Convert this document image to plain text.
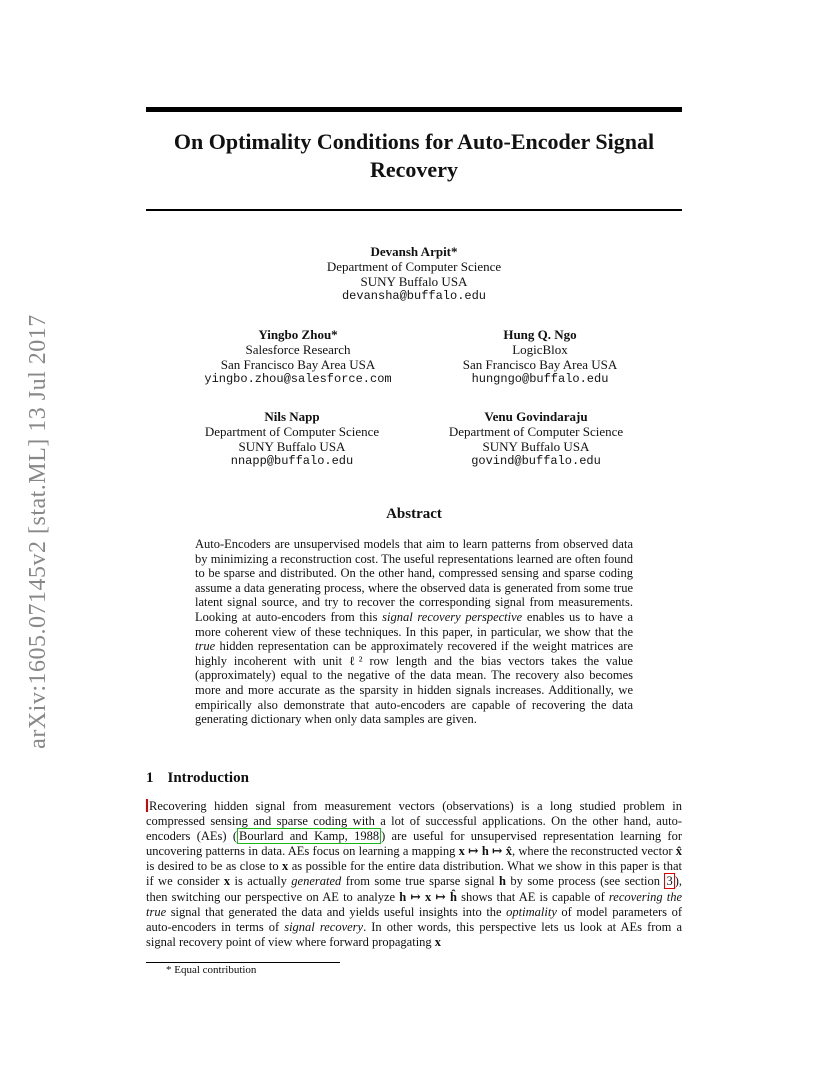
arXiv:1605.07145v2 [stat.ML] 13 Jul 2017
On Optimality Conditions for Auto-Encoder Signal Recovery
Devansh Arpit*
Department of Computer Science
SUNY Buffalo USA
devansha@buffalo.edu
Yingbo Zhou*
Salesforce Research
San Francisco Bay Area USA
yingbo.zhou@salesforce.com
Hung Q. Ngo
LogicBlox
San Francisco Bay Area USA
hungngo@buffalo.edu
Nils Napp
Department of Computer Science
SUNY Buffalo USA
nnapp@buffalo.edu
Venu Govindaraju
Department of Computer Science
SUNY Buffalo USA
govind@buffalo.edu
Abstract
Auto-Encoders are unsupervised models that aim to learn patterns from observed data by minimizing a reconstruction cost. The useful representations learned are often found to be sparse and distributed. On the other hand, compressed sensing and sparse coding assume a data generating process, where the observed data is generated from some true latent signal source, and try to recover the corresponding signal from measurements. Looking at auto-encoders from this signal recovery perspective enables us to have a more coherent view of these techniques. In this paper, in particular, we show that the true hidden representation can be approximately recovered if the weight matrices are highly incoherent with unit ℓ² row length and the bias vectors takes the value (approximately) equal to the negative of the data mean. The recovery also becomes more and more accurate as the sparsity in hidden signals increases. Additionally, we empirically also demonstrate that auto-encoders are capable of recovering the data generating dictionary when only data samples are given.
1 Introduction
Recovering hidden signal from measurement vectors (observations) is a long studied problem in compressed sensing and sparse coding with a lot of successful applications. On the other hand, auto-encoders (AEs) ( Bourlard and Kamp, 1988 ) are useful for unsupervised representation learning for uncovering patterns in data. AEs focus on learning a mapping x ↦ h ↦ x̂, where the reconstructed vector x̂ is desired to be as close to x as possible for the entire data distribution. What we show in this paper is that if we consider x is actually generated from some true sparse signal h by some process (see section 3 ), then switching our perspective on AE to analyze h ↦ x ↦ ĥ shows that AE is capable of recovering the true signal that generated the data and yields useful insights into the optimality of model parameters of auto-encoders in terms of signal recovery. In other words, this perspective lets us look at AEs from a signal recovery point of view where forward propagating x
* Equal contribution
